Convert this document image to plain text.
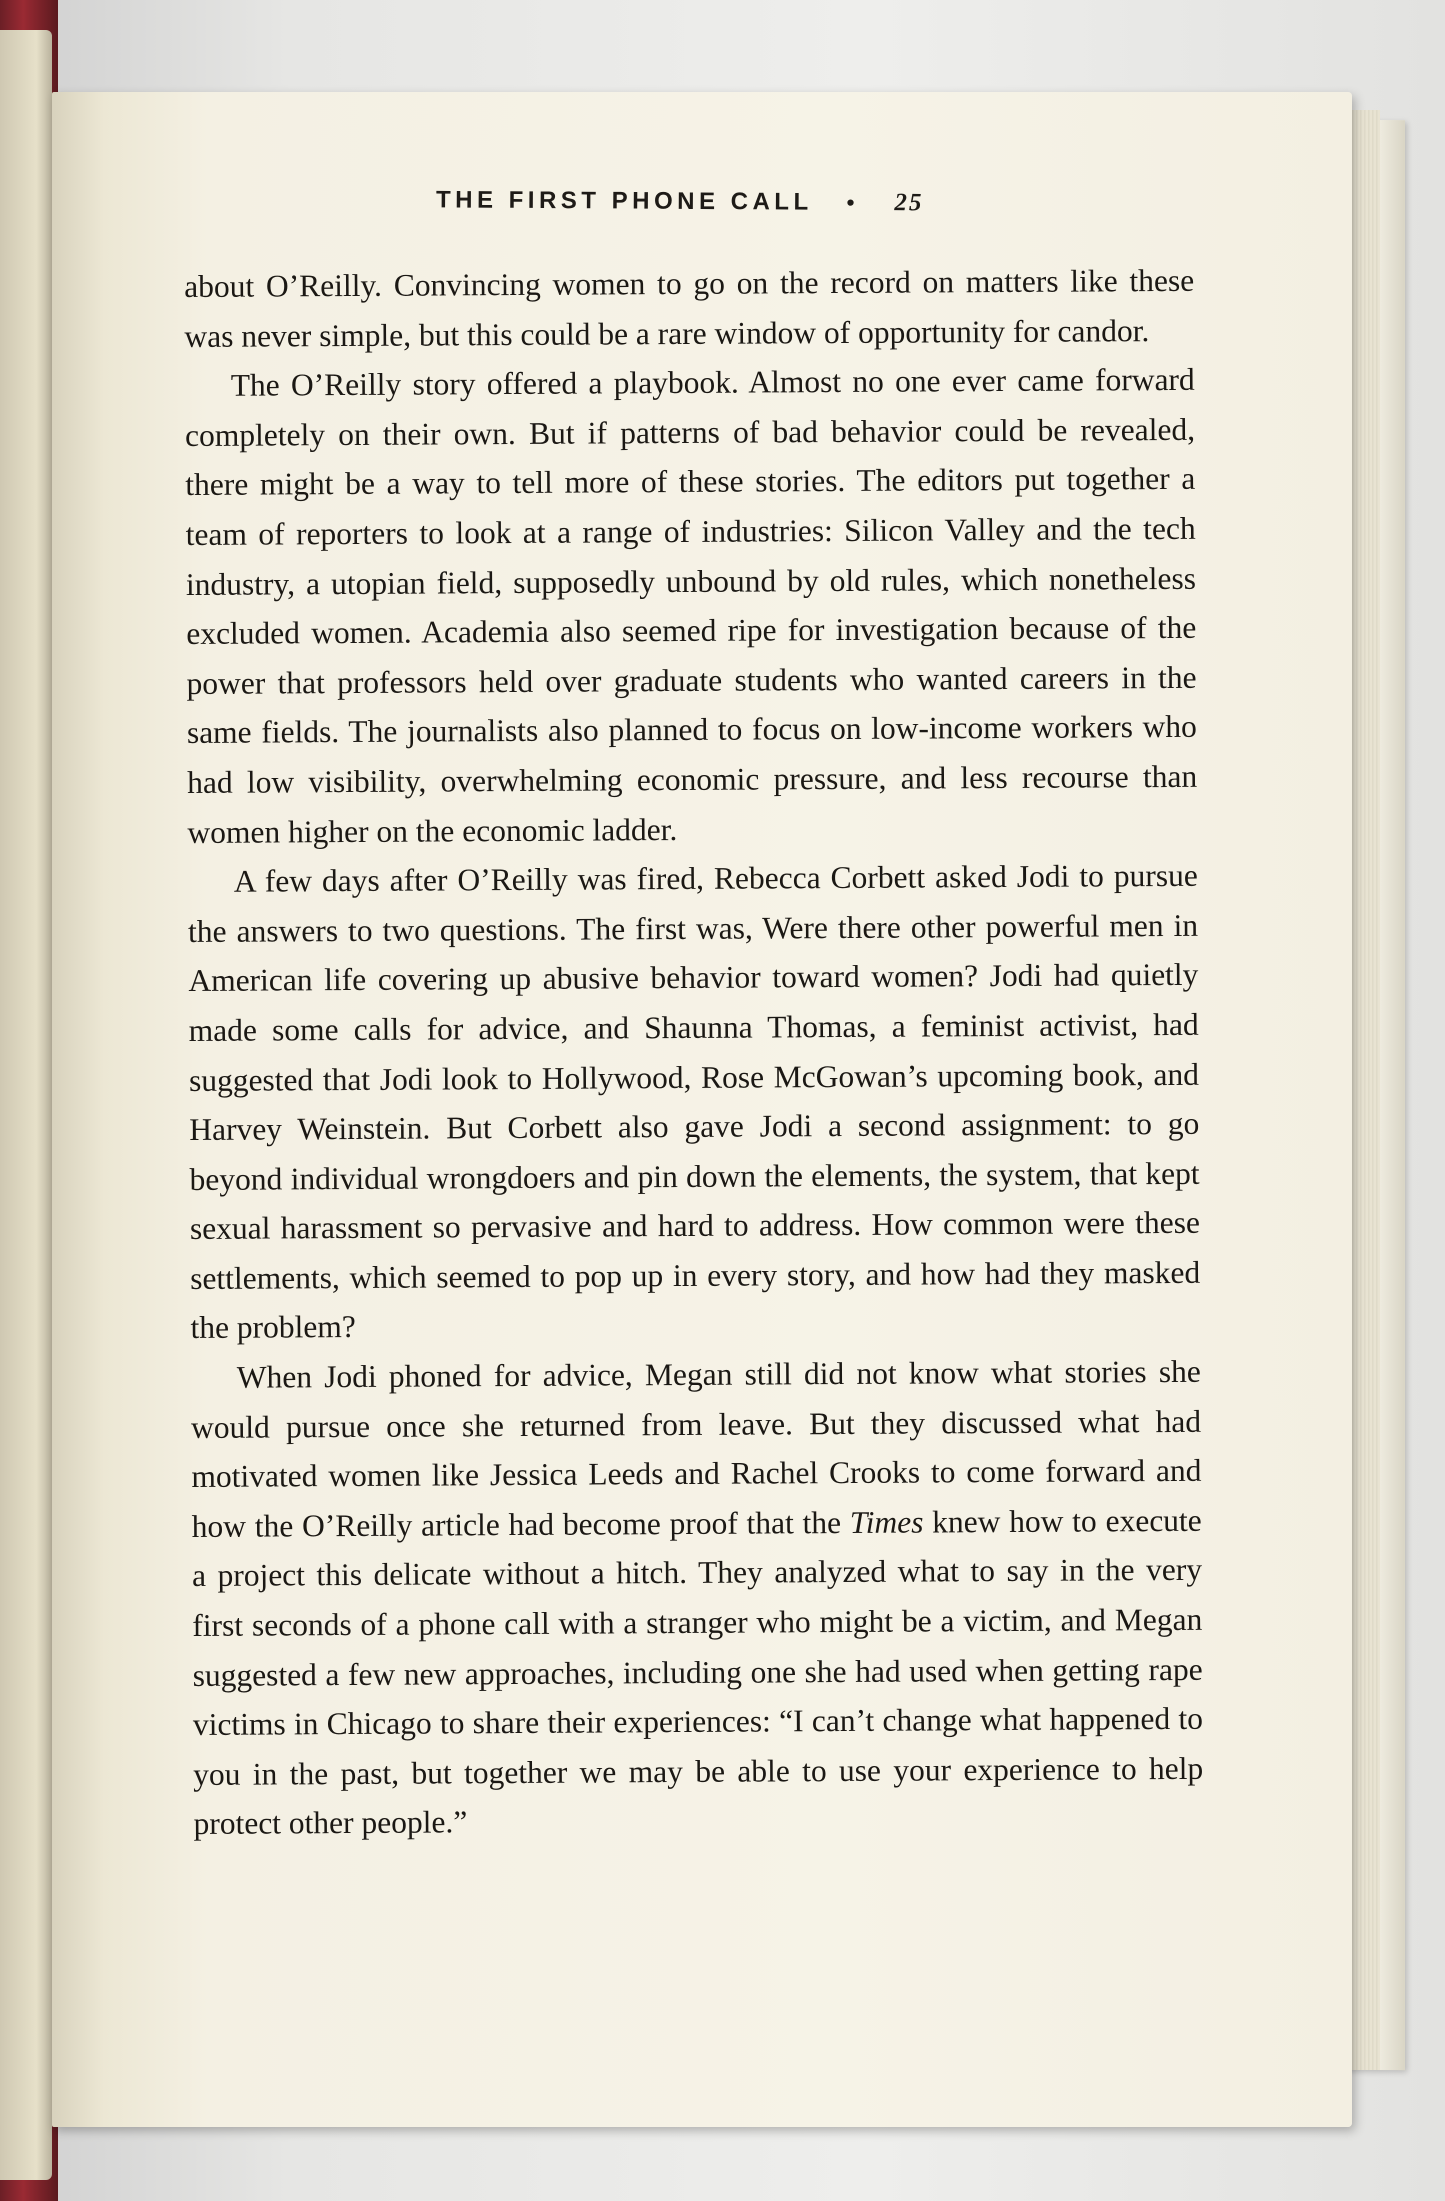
THE FIRST PHONE CALL • 25

about O’Reilly. Convincing women to go on the record on matters like these was never simple, but this could be a rare window of opportunity for candor.

The O’Reilly story offered a playbook. Almost no one ever came forward completely on their own. But if patterns of bad behavior could be revealed, there might be a way to tell more of these stories. The editors put together a team of reporters to look at a range of industries: Silicon Valley and the tech industry, a utopian field, supposedly unbound by old rules, which nonetheless excluded women. Academia also seemed ripe for investigation because of the power that professors held over graduate students who wanted careers in the same fields. The journalists also planned to focus on low-income workers who had low visibility, overwhelming economic pressure, and less recourse than women higher on the economic ladder.

A few days after O’Reilly was fired, Rebecca Corbett asked Jodi to pursue the answers to two questions. The first was, Were there other powerful men in American life covering up abusive behavior toward women? Jodi had quietly made some calls for advice, and Shaunna Thomas, a feminist activist, had suggested that Jodi look to Hollywood, Rose McGowan’s upcoming book, and Harvey Weinstein. But Corbett also gave Jodi a second assignment: to go beyond individual wrongdoers and pin down the elements, the system, that kept sexual harassment so pervasive and hard to address. How common were these settlements, which seemed to pop up in every story, and how had they masked the problem?

When Jodi phoned for advice, Megan still did not know what stories she would pursue once she returned from leave. But they discussed what had motivated women like Jessica Leeds and Rachel Crooks to come forward and how the O’Reilly article had become proof that the Times knew how to execute a project this delicate without a hitch. They analyzed what to say in the very first seconds of a phone call with a stranger who might be a victim, and Megan suggested a few new approaches, including one she had used when getting rape victims in Chicago to share their experiences: “I can’t change what happened to you in the past, but together we may be able to use your experience to help protect other people.”
